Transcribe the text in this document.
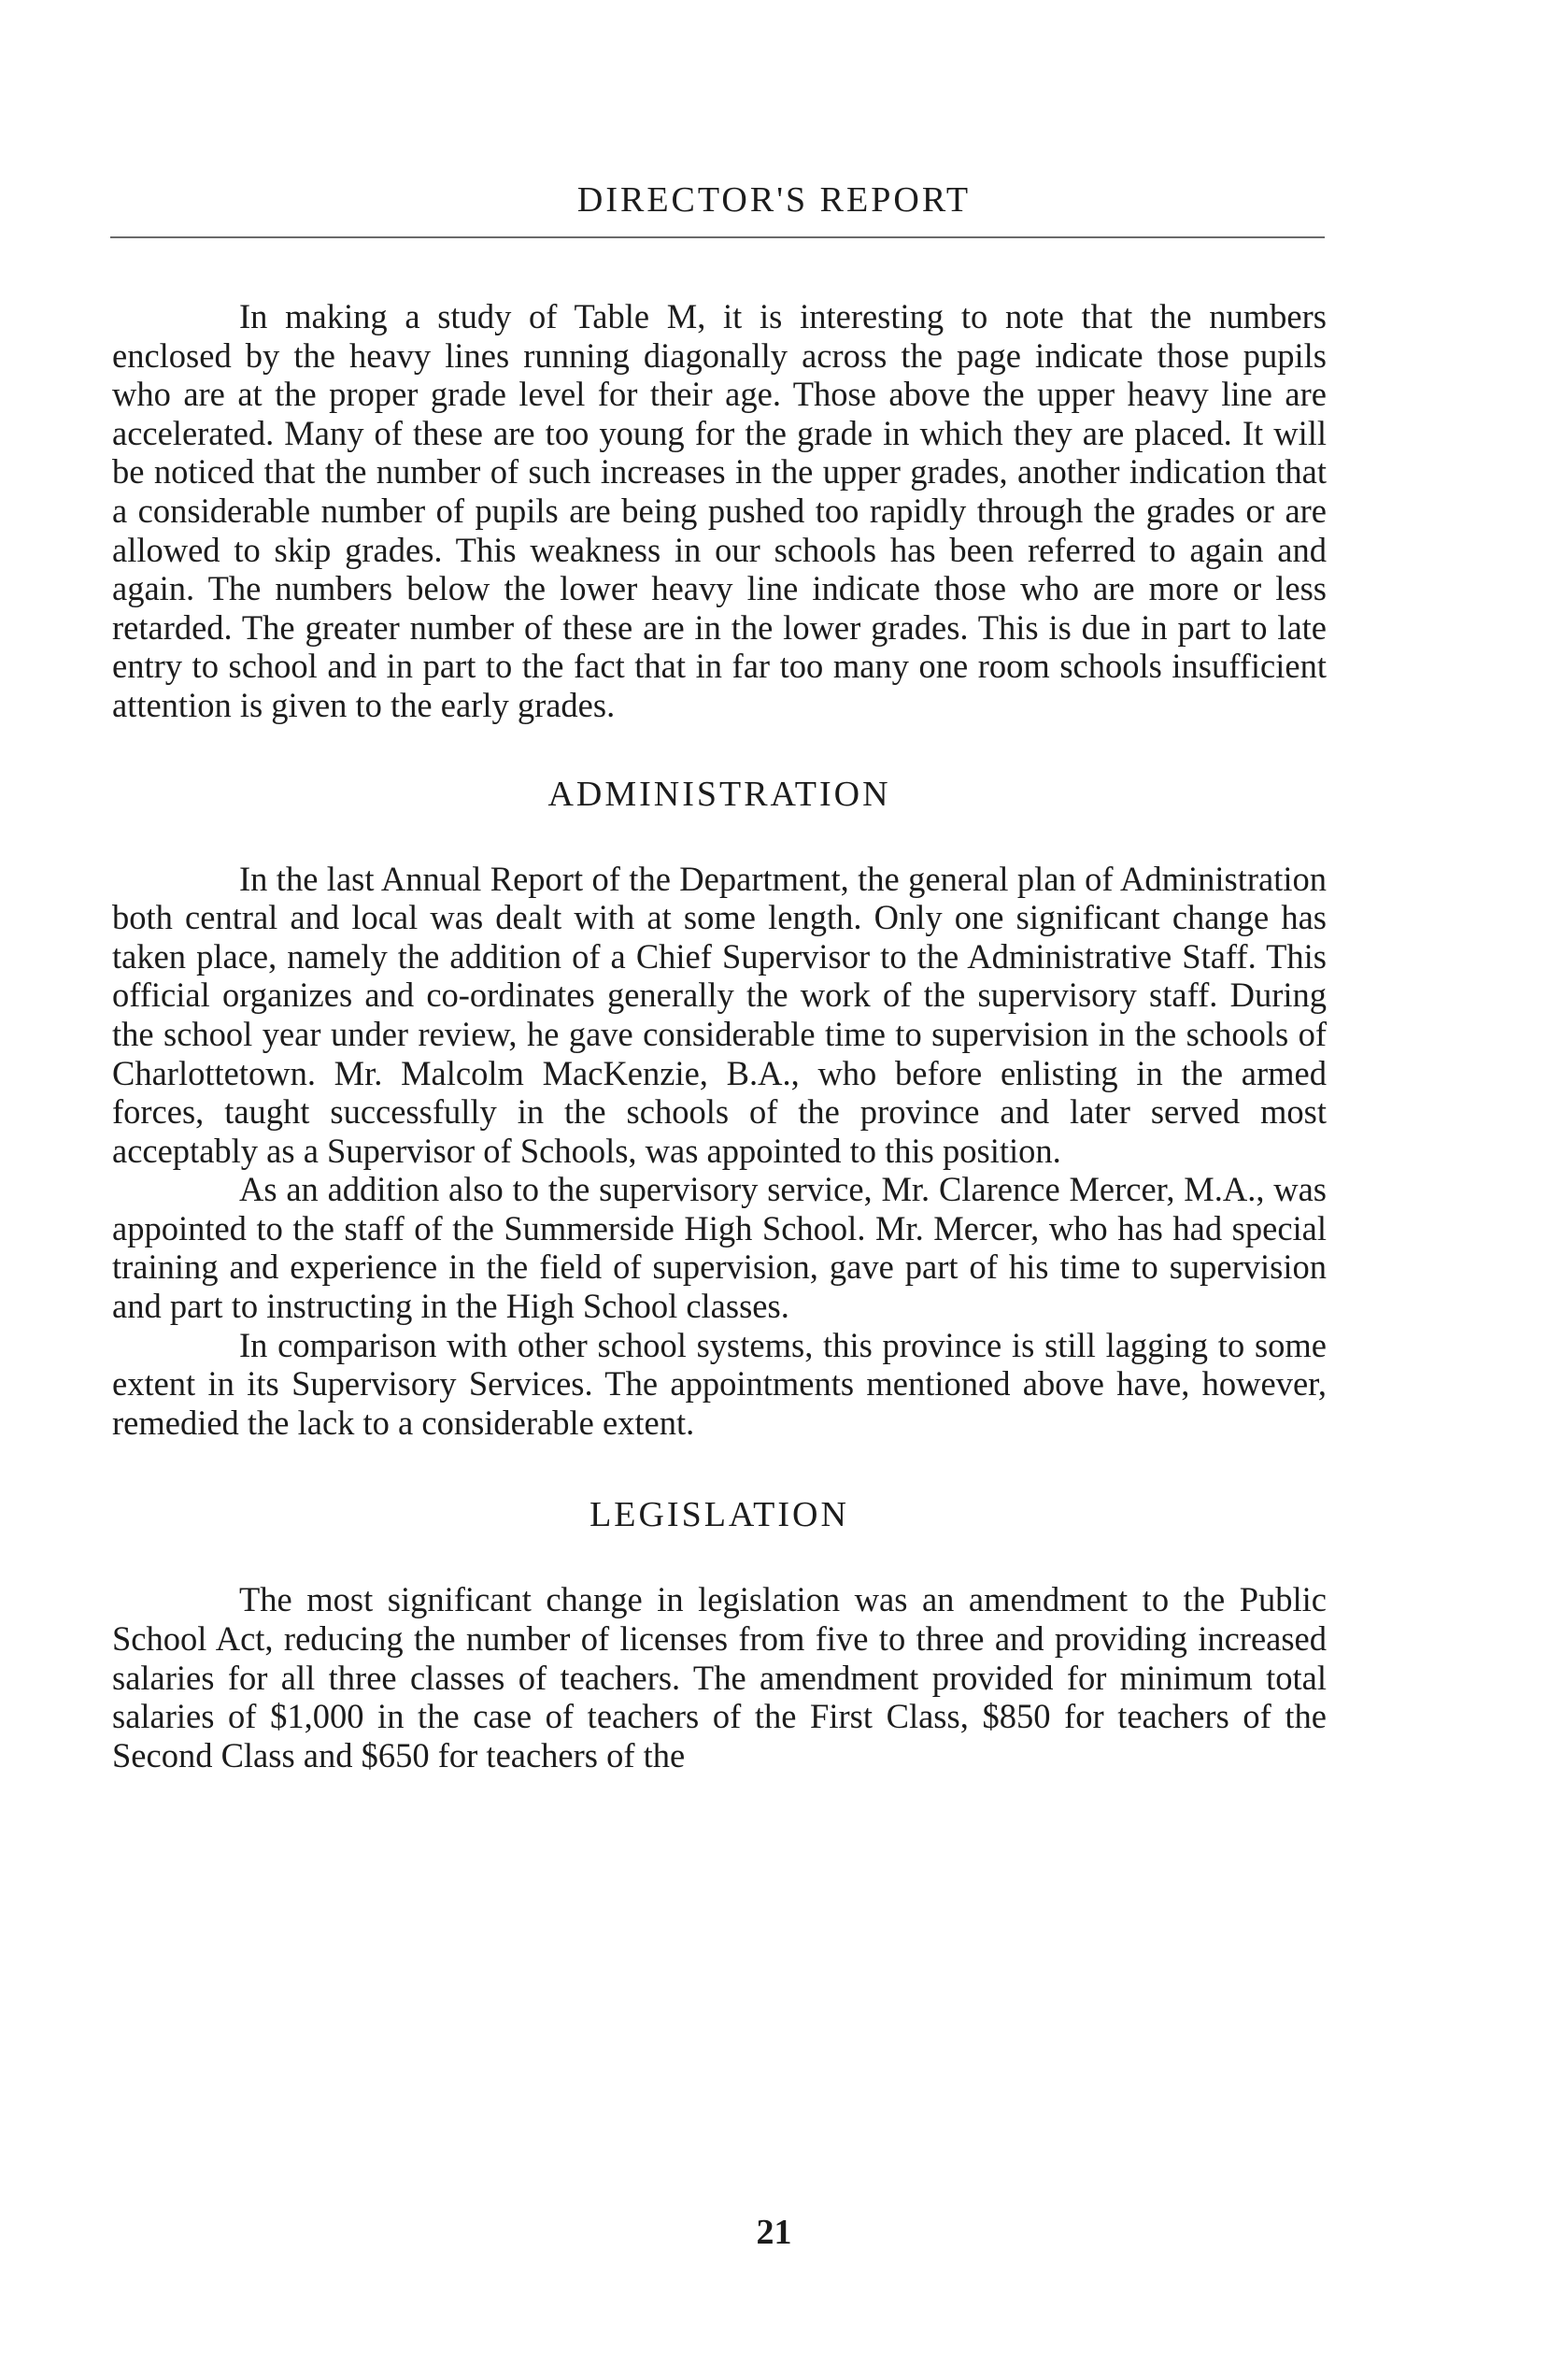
DIRECTOR'S REPORT

In making a study of Table M, it is interesting to note that the numbers enclosed by the heavy lines running diagonally across the page indicate those pupils who are at the proper grade level for their age. Those above the upper heavy line are accelerated. Many of these are too young for the grade in which they are placed. It will be noticed that the number of such increases in the upper grades, another indication that a considerable number of pupils are being pushed too rapidly through the grades or are allowed to skip grades. This weakness in our schools has been referred to again and again. The numbers below the lower heavy line indicate those who are more or less retarded. The greater number of these are in the lower grades. This is due in part to late entry to school and in part to the fact that in far too many one room schools insufficient attention is given to the early grades.

ADMINISTRATION

In the last Annual Report of the Department, the general plan of Administration both central and local was dealt with at some length. Only one significant change has taken place, namely the addition of a Chief Supervisor to the Administrative Staff. This official organizes and co-ordinates generally the work of the supervisory staff. During the school year under review, he gave considerable time to supervision in the schools of Charlottetown. Mr. Malcolm MacKenzie, B.A., who before enlisting in the armed forces, taught successfully in the schools of the province and later served most acceptably as a Supervisor of Schools, was appointed to this position.

As an addition also to the supervisory service, Mr. Clarence Mercer, M.A., was appointed to the staff of the Summerside High School. Mr. Mercer, who has had special training and experience in the field of supervision, gave part of his time to supervision and part to instructing in the High School classes.

In comparison with other school systems, this province is still lagging to some extent in its Supervisory Services. The appointments mentioned above have, however, remedied the lack to a considerable extent.

LEGISLATION

The most significant change in legislation was an amendment to the Public School Act, reducing the number of licenses from five to three and providing increased salaries for all three classes of teachers. The amendment provided for minimum total salaries of $1,000 in the case of teachers of the First Class, $850 for teachers of the Second Class and $650 for teachers of the

21
